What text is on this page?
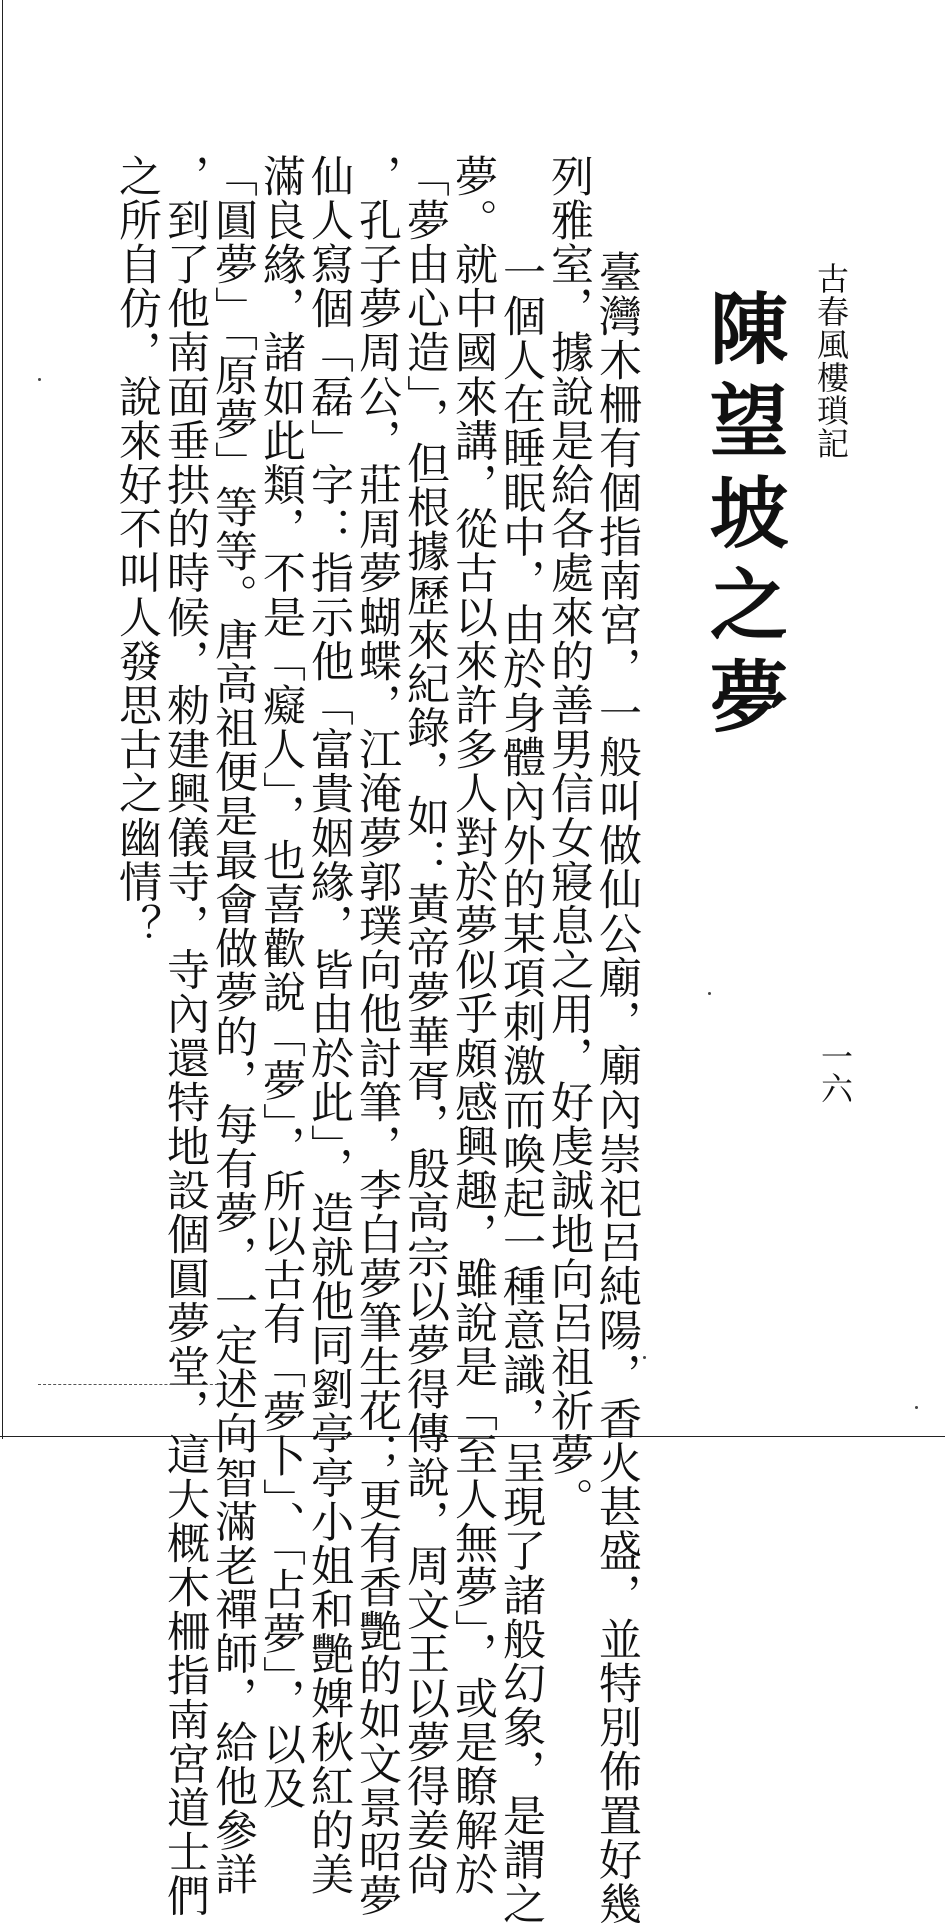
古春風樓瑣記
一六
陳望坡之夢
臺灣木柵有個指南宮，一般叫做仙公廟，廟內崇祀呂純陽，香火甚盛，並特別佈置好幾
列雅室，據說是給各處來的善男信女寢息之用，好虔誠地向呂祖祈夢。
一個人在睡眠中，由於身體內外的某項刺激而喚起一種意識，呈現了諸般幻象，是謂之
夢。就中國來講，從古以來許多人對於夢似乎頗感興趣，雖說是「至人無夢」，或是瞭解於
「夢由心造」，但根據歷來紀錄，如：黃帝夢華胥，殷高宗以夢得傳說，周文王以夢得姜尙
，孔子夢周公，莊周夢蝴蝶，江淹夢郭璞向他討筆，李白夢筆生花；更有香艷的如文景昭夢
仙人寫個「磊」字：指示他「富貴姻緣，皆由於此」，造就他同劉亭亭小姐和艷婢秋紅的美
滿良緣，諸如此類，不是「癡人」，也喜歡說「夢」，所以古有「夢卜」、「占夢」，以及
「圓夢」「原夢」等等。唐高祖便是最會做夢的，每有夢，一定述向智滿老禪師，給他參詳
，到了他南面垂拱的時候，勑建興儀寺，寺內還特地設個圓夢堂，這大概木柵指南宮道士們
之所自仿，說來好不叫人發思古之幽情？
